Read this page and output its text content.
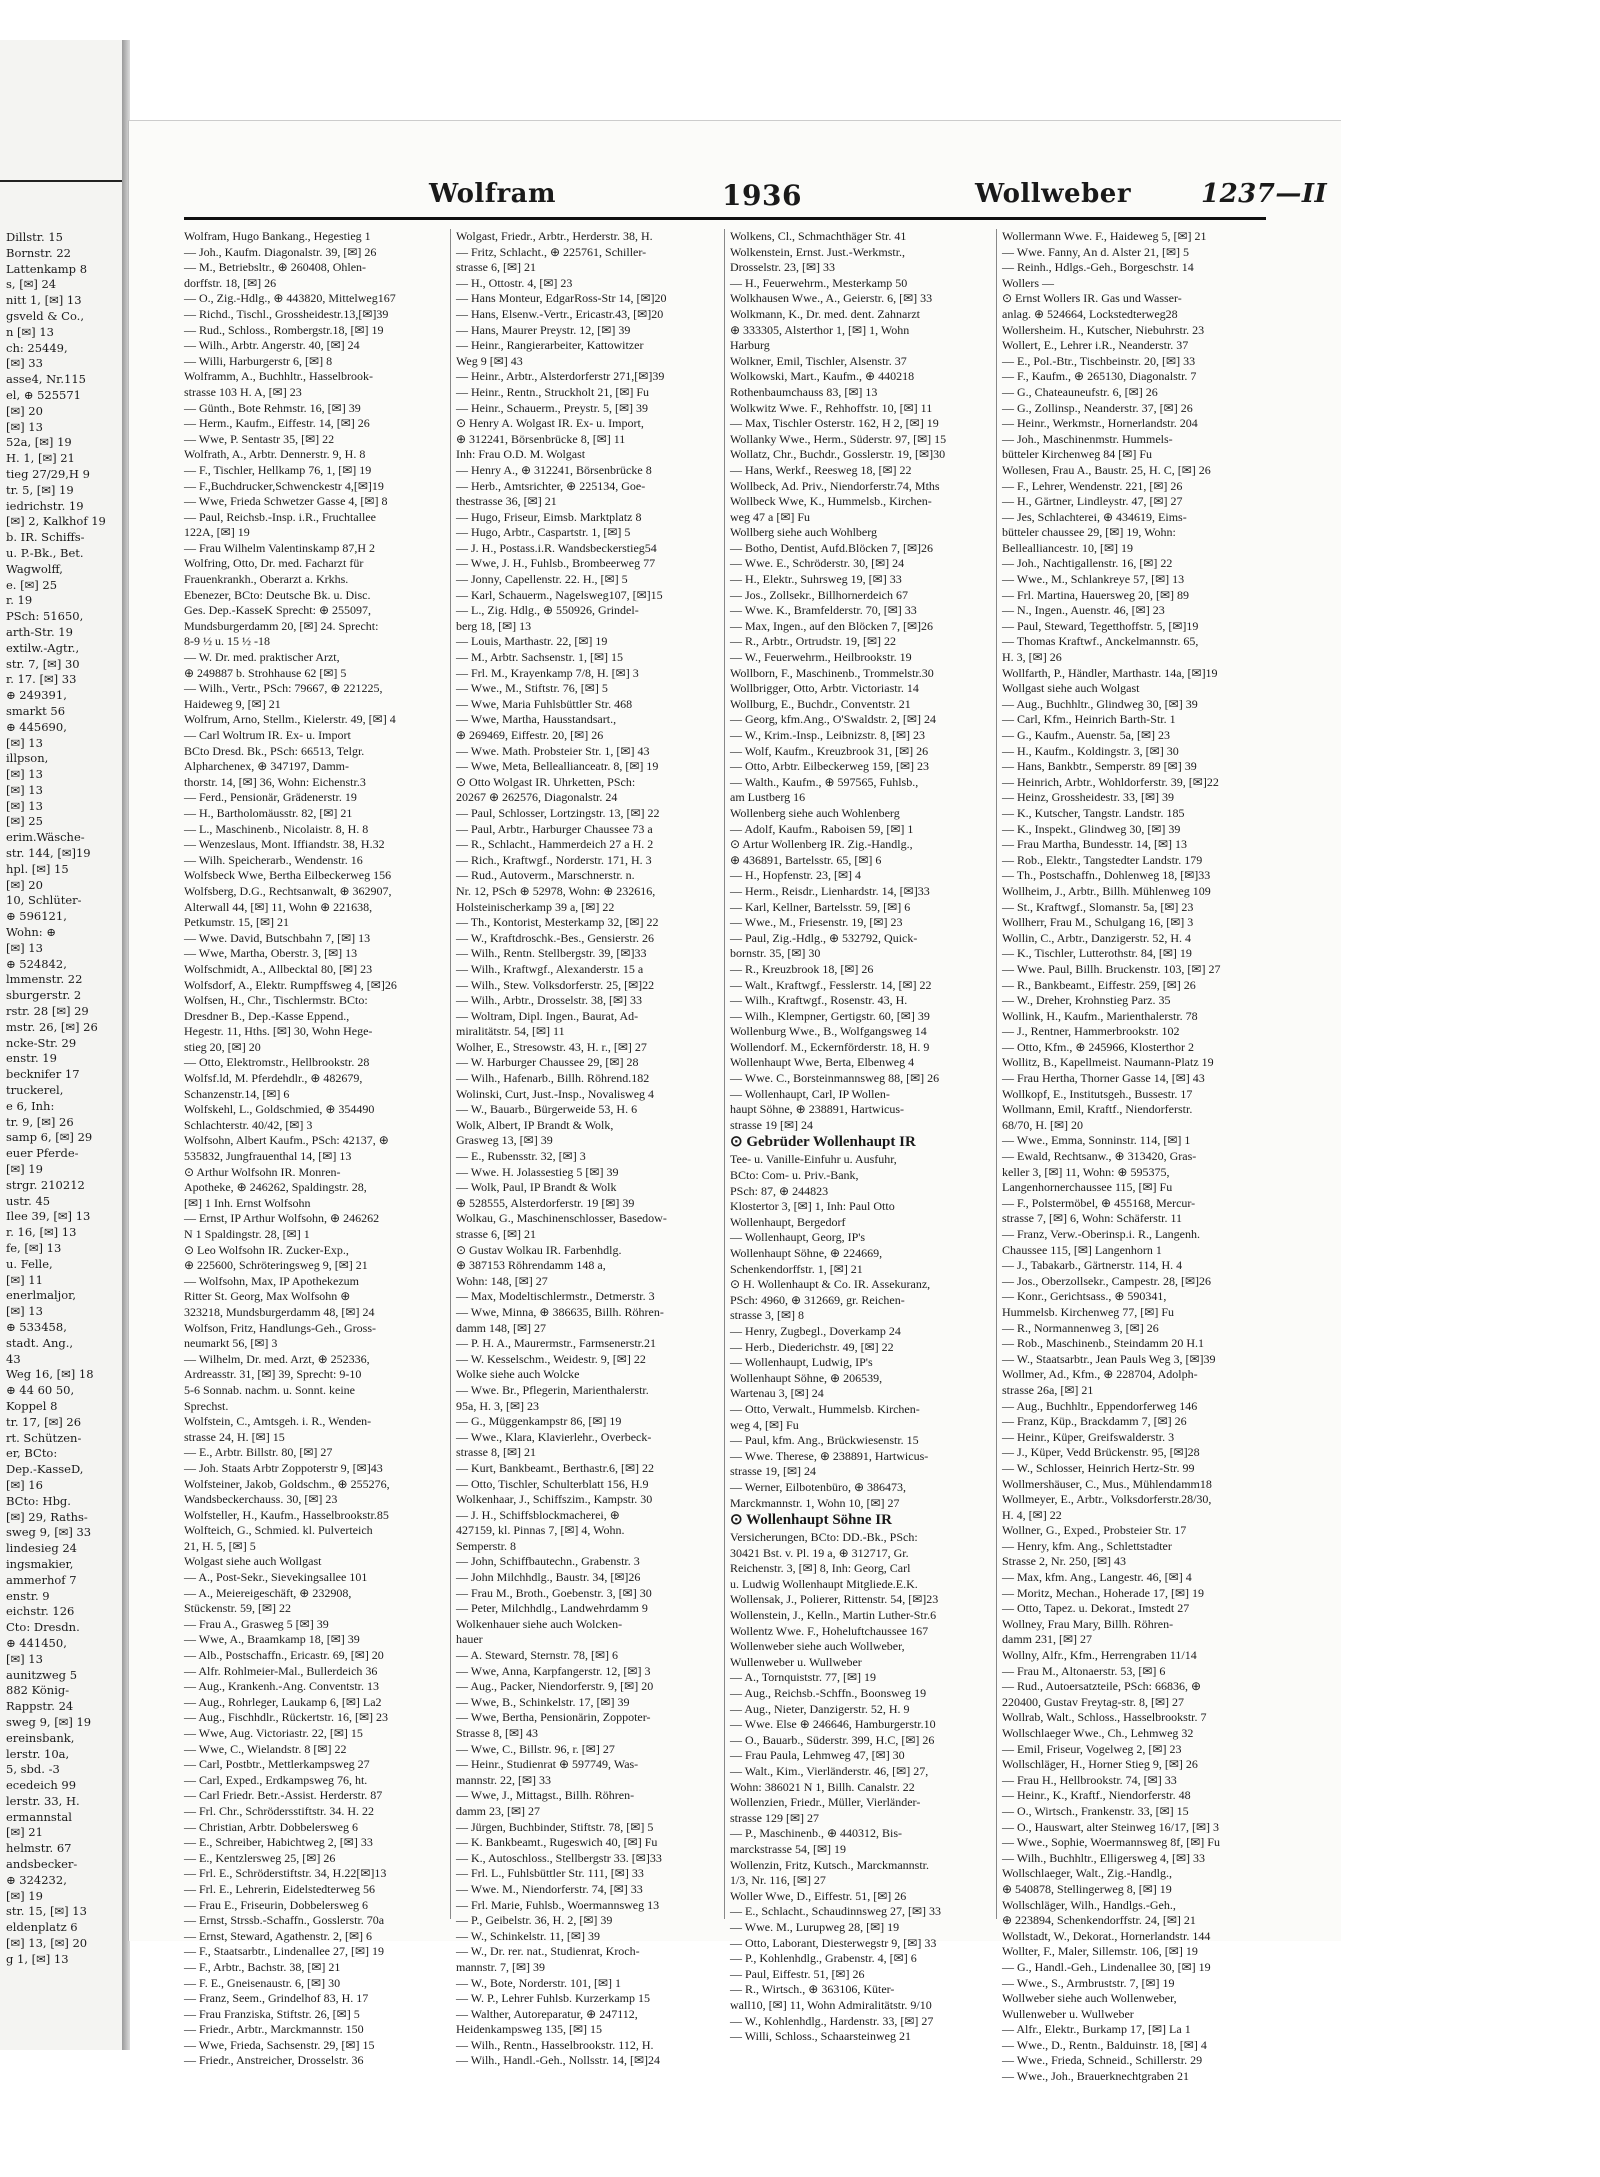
Dillstr. 15
Bornstr. 22
Lattenkamp 8
s, [✉] 24
nitt 1, [✉] 13
gsveld & Co.,
n [✉] 13
ch: 25449,
[✉] 33
asse4, Nr.115
el, ⊕ 525571
[✉] 20
[✉] 13
52a, [✉] 19
H. 1, [✉] 21
tieg 27/29,H 9
tr. 5, [✉] 19
iedrichstr. 19
[✉] 2, Kalkhof 19
b. IR. Schiffs-
u. P.-Bk., Bet.
Wagwolff,
e. [✉] 25
r. 19
PSch: 51650,
arth-Str. 19
extilw.-Agtr.,
str. 7, [✉] 30
r. 17. [✉] 33
⊕ 249391,
smarkt 56
⊕ 445690,
[✉] 13
illpson,
[✉] 13
[✉] 13
[✉] 13
[✉] 25
erim.Wäsche-
str. 144, [✉]19
hpl. [✉] 15
[✉] 20
10, Schlüter-
⊕ 596121,
Wohn: ⊕
[✉] 13
⊕ 524842,
lmmenstr. 22
sburgerstr. 2
rstr. 28 [✉] 29
mstr. 26, [✉] 26
ncke-Str. 29
enstr. 19
becknifer 17
truckerel,
e 6, Inh:
tr. 9, [✉] 26
samp 6, [✉] 29
euer Pferde-
[✉] 19
strgr. 210212
ustr. 45
Ilee 39, [✉] 13
r. 16, [✉] 13
fe, [✉] 13
u. Felle,
[✉] 11
enerlmaljor,
[✉] 13
⊕ 533458,
stadt. Ang.,
43
Weg 16, [✉] 18
⊕ 44 60 50,
Koppel 8
tr. 17, [✉] 26
rt. Schützen-
er, BCto:
Dep.-KasseD,
[✉] 16
BCto: Hbg.
[✉] 29, Raths-
sweg 9, [✉] 33
lindesieg 24
ingsmakier,
ammerhof 7
enstr. 9
eichstr. 126
Cto: Dresdn.
⊕ 441450,
[✉] 13
aunitzweg 5
882 König-
Rappstr. 24
sweg 9, [✉] 19
ereinsbank,
lerstr. 10a,
5, sbd. -3
ecedeich 99
lerstr. 33, H.
ermannstal
[✉] 21
helmstr. 67
andsbecker-
⊕ 324232,
[✉] 19
str. 15, [✉] 13
eldenplatz 6
[✉] 13, [✉] 20
g 1, [✉] 13
Wolfram	1936	Wollweber	1237—II
Wolfram, Hugo Bankang., Hegestieg 1
— Joh., Kaufm. Diagonalstr. 39, [✉] 26
— M., Betriebsltr., ⊕ 260408, Ohlen-
dorffstr. 18, [✉] 26
— O., Zig.-Hdlg., ⊕ 443820, Mittelweg167
— Richd., Tischl., Grossheidestr.13,[✉]39
— Rud., Schloss., Rombergstr.18, [✉] 19
— Wilh., Arbtr. Angerstr. 40, [✉] 24
— Willi, Harburgerstr 6, [✉] 8
Wolframm, A., Buchhltr., Hasselbrook-
strasse 103 H. A, [✉] 23
— Günth., Bote Rehmstr. 16, [✉] 39
— Herm., Kaufm., Eiffestr. 14, [✉] 26
— Wwe, P. Sentastr 35, [✉] 22
Wolfrath, A., Arbtr. Dennerstr. 9, H. 8
— F., Tischler, Hellkamp 76, 1, [✉] 19
— F.,Buchdrucker,Schwenckestr 4,[✉]19
— Wwe, Frieda Schwetzer Gasse 4, [✉] 8
— Paul, Reichsb.-Insp. i.R., Fruchtallee
122A, [✉] 19
— Frau Wilhelm Valentinskamp 87,H 2
Wolfring, Otto, Dr. med. Facharzt für
Frauenkrankh., Oberarzt a. Krkhs.
Ebenezer, BCto: Deutsche Bk. u. Disc.
Ges. Dep.-KasseK Sprecht: ⊕ 255097,
Mundsburgerdamm 20, [✉] 24. Sprecht:
8-9 ½ u. 15 ½ -18
— W. Dr. med. praktischer Arzt,
⊕ 249887 b. Strohhause 62 [✉] 5
— Wilh., Vertr., PSch: 79667, ⊕ 221225,
Haideweg 9, [✉] 21
Wolfrum, Arno, Stellm., Kielerstr. 49, [✉] 4
— Carl Woltrum IR. Ex- u. Import
BCto Dresd. Bk., PSch: 66513, Telgr.
Alpharchenex, ⊕ 347197, Damm-
thorstr. 14, [✉] 36, Wohn: Eichenstr.3
— Ferd., Pensionär, Grädenerstr. 19
— H., Bartholomäusstr. 82, [✉] 21
— L., Maschinenb., Nicolaistr. 8, H. 8
— Wenzeslaus, Mont. Iffiandstr. 38, H.32
— Wilh. Speicherarb., Wendenstr. 16
Wolfsbeck Wwe, Bertha Eilbeckerweg 156
Wolfsberg, D.G., Rechtsanwalt, ⊕ 362907,
Alterwall 44, [✉] 11, Wohn ⊕ 221638,
Petkumstr. 15, [✉] 21
— Wwe. David, Butschbahn 7, [✉] 13
— Wwe, Martha, Oberstr. 3, [✉] 13
Wolfschmidt, A., Allbecktal 80, [✉] 23
Wolfsdorf, A., Elektr. Rumpffsweg 4, [✉]26
Wolfsen, H., Chr., Tischlermstr. BCto:
Dresdner B., Dep.-Kasse Eppend.,
Hegestr. 11, Hths. [✉] 30, Wohn Hege-
stieg 20, [✉] 20
— Otto, Elektromstr., Hellbrookstr. 28
Wolfsf.ld, M. Pferdehdlr., ⊕ 482679,
Schanzenstr.14, [✉] 6
Wolfskehl, L., Goldschmied, ⊕ 354490
Schlachterstr. 40/42, [✉] 3
Wolfsohn, Albert Kaufm., PSch: 42137, ⊕
535832, Jungfrauenthal 14, [✉] 13
⊙ Arthur Wolfsohn IR. Monren-
Apotheke, ⊕ 246262, Spaldingstr. 28,
[✉] 1 Inh. Ernst Wolfsohn
— Ernst, IP Arthur Wolfsohn, ⊕ 246262
N 1 Spaldingstr. 28, [✉] 1
⊙ Leo Wolfsohn IR. Zucker-Exp.,
⊕ 225600, Schröteringsweg 9, [✉] 21
— Wolfsohn, Max, IP Apothekezum
Ritter St. Georg, Max Wolfsohn ⊕
323218, Mundsburgerdamm 48, [✉] 24
Wolfson, Fritz, Handlungs-Geh., Gross-
neumarkt 56, [✉] 3
— Wilhelm, Dr. med. Arzt, ⊕ 252336,
Ardreasstr. 31, [✉] 39, Sprecht: 9-10
5-6 Sonnab. nachm. u. Sonnt. keine
Sprechst.
Wolfstein, C., Amtsgeh. i. R., Wenden-
strasse 24, H. [✉] 15
— E., Arbtr. Billstr. 80, [✉] 27
— Joh. Staats Arbtr Zoppoterstr 9, [✉]43
Wolfsteiner, Jakob, Goldschm., ⊕ 255276,
Wandsbeckerchauss. 30, [✉] 23
Wolfsteller, H., Kaufm., Hasselbrookstr.85
Wolfteich, G., Schmied. kl. Pulverteich
21, H. 5, [✉] 5
Wolgast siehe auch Wollgast
— A., Post-Sekr., Sievekingsallee 101
— A., Meiereigeschäft, ⊕ 232908,
Stückenstr. 59, [✉] 22
— Frau A., Grasweg 5 [✉] 39
— Wwe, A., Braamkamp 18, [✉] 39
— Alb., Postschaffn., Ericastr. 69, [✉] 20
— Alfr. Rohlmeier-Mal., Bullerdeich 36
— Aug., Krankenh.-Ang. Conventstr. 13
— Aug., Rohrleger, Laukamp 6, [✉] La2
— Aug., Fischhdlr., Rückertstr. 16, [✉] 23
— Wwe, Aug. Victoriastr. 22, [✉] 15
— Wwe, C., Wielandstr. 8 [✉] 22
— Carl, Postbtr., Mettlerkampsweg 27
— Carl, Exped., Erdkampsweg 76, ht.
— Carl Friedr. Betr.-Assist. Herderstr. 87
— Frl. Chr., Schrödersstiftstr. 34. H. 22
— Christian, Arbtr. Dobbelersweg 6
— E., Schreiber, Habichtweg 2, [✉] 33
— E., Kentzlersweg 25, [✉] 26
— Frl. E., Schröderstiftstr. 34, H.22[✉]13
— Frl. E., Lehrerin, Eidelstedterweg 56
— Frau E., Friseurin, Dobbelersweg 6
— Ernst, Strssb.-Schaffn., Gosslerstr. 70a
— Ernst, Steward, Agathenstr. 2, [✉] 6
— F., Staatsarbtr., Lindenallee 27, [✉] 19
— F., Arbtr., Bachstr. 38, [✉] 21
— F. E., Gneisenaustr. 6, [✉] 30
— Franz, Seem., Grindelhof 83, H. 17
— Frau Franziska, Stiftstr. 26, [✉] 5
— Friedr., Arbtr., Marckmannstr. 150
— Wwe, Frieda, Sachsenstr. 29, [✉] 15
— Friedr., Anstreicher, Drosselstr. 36
Wolgast, Friedr., Arbtr., Herderstr. 38, H.
— Fritz, Schlacht., ⊕ 225761, Schiller-
strasse 6, [✉] 21
— H., Ottostr. 4, [✉] 23
— Hans Monteur, EdgarRoss-Str 14, [✉]20
— Hans, Elsenw.-Vertr., Ericastr.43, [✉]20
— Hans, Maurer Preystr. 12, [✉] 39
— Heinr., Rangierarbeiter, Kattowitzer
Weg 9 [✉] 43
— Heinr., Arbtr., Alsterdorferstr 271,[✉]39
— Heinr., Rentn., Struckholt 21, [✉] Fu
— Heinr., Schauerm., Preystr. 5, [✉] 39
⊙ Henry A. Wolgast IR. Ex- u. Import,
⊕ 312241, Börsenbrücke 8, [✉] 11
Inh: Frau O.D. M. Wolgast
— Henry A., ⊕ 312241, Börsenbrücke 8
— Herb., Amtsrichter, ⊕ 225134, Goe-
thestrasse 36, [✉] 21
— Hugo, Friseur, Eimsb. Marktplatz 8
— Hugo, Arbtr., Caspartstr. 1, [✉] 5
— J. H., Postass.i.R. Wandsbeckerstieg54
— Wwe, J. H., Fuhlsb., Brombeerweg 77
— Jonny, Capellenstr. 22. H., [✉] 5
— Karl, Schauerm., Nagelsweg107, [✉]15
— L., Zig. Hdlg., ⊕ 550926, Grindel-
berg 18, [✉] 13
— Louis, Marthastr. 22, [✉] 19
— M., Arbtr. Sachsenstr. 1, [✉] 15
— Frl. M., Krayenkamp 7/8, H. [✉] 3
— Wwe., M., Stiftstr. 76, [✉] 5
— Wwe, Maria Fuhlsbüttler Str. 468
— Wwe, Martha, Hausstandsart.,
⊕ 269469, Eiffestr. 20, [✉] 26
— Wwe. Math. Probsteier Str. 1, [✉] 43
— Wwe, Meta, Belleallianceatr. 8, [✉] 19
⊙ Otto Wolgast IR. Uhrketten, PSch:
20267 ⊕ 262576, Diagonalstr. 24
— Paul, Schlosser, Lortzingstr. 13, [✉] 22
— Paul, Arbtr., Harburger Chaussee 73 a
— R., Schlacht., Hammerdeich 27 a H. 2
— Rich., Kraftwgf., Norderstr. 171, H. 3
— Rud., Autoverm., Marschnerstr. n.
Nr. 12, PSch ⊕ 52978, Wohn: ⊕ 232616,
Holsteinischerkamp 39 a, [✉] 22
— Th., Kontorist, Mesterkamp 32, [✉] 22
— W., Kraftdroschk.-Bes., Gensierstr. 26
— Wilh., Rentn. Stellbergstr. 39, [✉]33
— Wilh., Kraftwgf., Alexanderstr. 15 a
— Wilh., Stew. Volksdorferstr. 25, [✉]22
— Wilh., Arbtr., Drosselstr. 38, [✉] 33
— Woltram, Dipl. Ingen., Baurat, Ad-
miralitätstr. 54, [✉] 11
Wolher, E., Stresowstr. 43, H. r., [✉] 27
— W. Harburger Chaussee 29, [✉] 28
— Wilh., Hafenarb., Billh. Röhrend.182
Wolinski, Curt, Just.-Insp., Novalisweg 4
— W., Bauarb., Bürgerweide 53, H. 6
Wolk, Albert, IP Brandt & Wolk,
Grasweg 13, [✉] 39
— E., Rubensstr. 32, [✉] 3
— Wwe. H. Jolassestieg 5 [✉] 39
— Wolk, Paul, IP Brandt & Wolk
⊕ 528555, Alsterdorferstr. 19 [✉] 39
Wolkau, G., Maschinenschlosser, Basedow-
strasse 6, [✉] 21
⊙ Gustav Wolkau IR. Farbenhdlg.
⊕ 387153 Röhrendamm 148 a,
Wohn: 148, [✉] 27
— Max, Modeltischlermstr., Detmerstr. 3
— Wwe, Minna, ⊕ 386635, Billh. Röhren-
damm 148, [✉] 27
— P. H. A., Maurermstr., Farmsenerstr.21
— W. Kesselschm., Weidestr. 9, [✉] 22
Wolke siehe auch Wolcke
— Wwe. Br., Pflegerin, Marienthalerstr.
95a, H. 3, [✉] 23
— G., Müggenkampstr 86, [✉] 19
— Wwe., Klara, Klavierlehr., Overbeck-
strasse 8, [✉] 21
— Kurt, Bankbeamt., Berthastr.6, [✉] 22
— Otto, Tischler, Schulterblatt 156, H.9
Wolkenhaar, J., Schiffszim., Kampstr. 30
— J. H., Schiffsblockmacherei, ⊕
427159, kl. Pinnas 7, [✉] 4, Wohn.
Semperstr. 8
— John, Schiffbautechn., Grabenstr. 3
— John Milchhdlg., Baustr. 34, [✉]26
— Frau M., Broth., Goebenstr. 3, [✉] 30
— Peter, Milchhdlg., Landwehrdamm 9
Wolkenhauer siehe auch Wolcken-
hauer
— A. Steward, Sternstr. 78, [✉] 6
— Wwe, Anna, Karpfangerstr. 12, [✉] 3
— Aug., Packer, Niendorferstr. 9, [✉] 20
— Wwe, B., Schinkelstr. 17, [✉] 39
— Wwe, Bertha, Pensionärin, Zoppoter-
Strasse 8, [✉] 43
— Wwe, C., Billstr. 96, r. [✉] 27
— Heinr., Studienrat ⊕ 597749, Was-
mannstr. 22, [✉] 33
— Wwe, J., Mittagst., Billh. Röhren-
damm 23, [✉] 27
— Jürgen, Buchbinder, Stiftstr. 78, [✉] 5
— K. Bankbeamt., Rugeswich 40, [✉] Fu
— K., Autoschloss., Stellbergstr 33. [✉]33
— Frl. L., Fuhlsbüttler Str. 111, [✉] 33
— Wwe. M., Niendorferstr. 74, [✉] 33
— Frl. Marie, Fuhlsb., Woermannsweg 13
— P., Geibelstr. 36, H. 2, [✉] 39
— W., Schinkelstr. 11, [✉] 39
— W., Dr. rer. nat., Studienrat, Kroch-
mannstr. 7, [✉] 39
— W., Bote, Norderstr. 101, [✉] 1
— W. P., Lehrer Fuhlsb. Kurzerkamp 15
— Walther, Autoreparatur, ⊕ 247112,
Heidenkampsweg 135, [✉] 15
— Wilh., Rentn., Hasselbrookstr. 112, H.
— Wilh., Handl.-Geh., Nollsstr. 14, [✉]24
Wolkens, Cl., Schmachthäger Str. 41
Wolkenstein, Ernst. Just.-Werkmstr.,
Drosselstr. 23, [✉] 33
— H., Feuerwehrm., Mesterkamp 50
Wolkhausen Wwe., A., Geierstr. 6, [✉] 33
Wolkmann, K., Dr. med. dent. Zahnarzt
⊕ 333305, Alsterthor 1, [✉] 1, Wohn
Harburg
Wolkner, Emil, Tischler, Alsenstr. 37
Wolkowski, Mart., Kaufm., ⊕ 440218
Rothenbaumchauss 83, [✉] 13
Wolkwitz Wwe. F., Rehhoffstr. 10, [✉] 11
— Max, Tischler Osterstr. 162, H 2, [✉] 19
Wollanky Wwe., Herm., Süderstr. 97, [✉] 15
Wollatz, Chr., Buchdr., Gosslerstr. 19, [✉]30
— Hans, Werkf., Reesweg 18, [✉] 22
Wollbeck, Ad. Priv., Niendorferstr.74, Mths
Wollbeck Wwe, K., Hummelsb., Kirchen-
weg 47 a [✉] Fu
Wollberg siehe auch Wohlberg
— Botho, Dentist, Aufd.Blöcken 7, [✉]26
— Wwe. E., Schröderstr. 30, [✉] 24
— H., Elektr., Suhrsweg 19, [✉] 33
— Jos., Zollsekr., Billhornerdeich 67
— Wwe. K., Bramfelderstr. 70, [✉] 33
— Max, Ingen., auf den Blöcken 7, [✉]26
— R., Arbtr., Ortrudstr. 19, [✉] 22
— W., Feuerwehrm., Heilbrookstr. 19
Wollborn, F., Maschinenb., Trommelstr.30
Wollbrigger, Otto, Arbtr. Victoriastr. 14
Wollburg, E., Buchdr., Conventstr. 21
— Georg, kfm.Ang., O'Swaldstr. 2, [✉] 24
— W., Krim.-Insp., Leibnizstr. 8, [✉] 23
— Wolf, Kaufm., Kreuzbrook 31, [✉] 26
— Otto, Arbtr. Eilbeckerweg 159, [✉] 23
— Walth., Kaufm., ⊕ 597565, Fuhlsb.,
am Lustberg 16
Wollenberg siehe auch Wohlenberg
— Adolf, Kaufm., Raboisen 59, [✉] 1
⊙ Artur Wollenberg IR. Zig.-Handlg.,
⊕ 436891, Bartelsstr. 65, [✉] 6
— H., Hopfenstr. 23, [✉] 4
— Herm., Reisdr., Lienhardstr. 14, [✉]33
— Karl, Kellner, Bartelsstr. 59, [✉] 6
— Wwe., M., Friesenstr. 19, [✉] 23
— Paul, Zig.-Hdlg., ⊕ 532792, Quick-
bornstr. 35, [✉] 30
— R., Kreuzbrook 18, [✉] 26
— Walt., Kraftwgf., Fesslerstr. 14, [✉] 22
— Wilh., Kraftwgf., Rosenstr. 43, H.
— Wilh., Klempner, Gertigstr. 60, [✉] 39
Wollenburg Wwe., B., Wolfgangsweg 14
Wollendorf. M., Eckernförderstr. 18, H. 9
Wollenhaupt Wwe, Berta, Elbenweg 4
— Wwe. C., Borsteinmannsweg 88, [✉] 26
— Wollenhaupt, Carl, IP Wollen-
haupt Söhne, ⊕ 238891, Hartwicus-
strasse 19 [✉] 24
⊙ Gebrüder Wollenhaupt IR
Tee- u. Vanille-Einfuhr u. Ausfuhr,
BCto: Com- u. Priv.-Bank,
PSch: 87, ⊕ 244823
Klostertor 3, [✉] 1, Inh: Paul Otto
Wollenhaupt, Bergedorf
— Wollenhaupt, Georg, IP's
Wollenhaupt Söhne, ⊕ 224669,
Schenkendorffstr. 1, [✉] 21
⊙ H. Wollenhaupt & Co. IR. Assekuranz,
PSch: 4960, ⊕ 312669, gr. Reichen-
strasse 3, [✉] 8
— Henry, Zugbegl., Doverkamp 24
— Herb., Diederichstr. 49, [✉] 22
— Wollenhaupt, Ludwig, IP's
Wollenhaupt Söhne, ⊕ 206539,
Wartenau 3, [✉] 24
— Otto, Verwalt., Hummelsb. Kirchen-
weg 4, [✉] Fu
— Paul, kfm. Ang., Brückwiesenstr. 15
— Wwe. Therese, ⊕ 238891, Hartwicus-
strasse 19, [✉] 24
— Werner, Eilbotenbüro, ⊕ 386473,
Marckmannstr. 1, Wohn 10, [✉] 27
⊙ Wollenhaupt Söhne IR
Versicherungen, BCto: DD.-Bk., PSch:
30421 Bst. v. Pl. 19 a, ⊕ 312717, Gr.
Reichenstr. 3, [✉] 8, Inh: Georg, Carl
u. Ludwig Wollenhaupt Mitgliede.E.K.
Wollensak, J., Polierer, Rittenstr. 54, [✉]23
Wollenstein, J., Kelln., Martin Luther-Str.6
Wollentz Wwe. F., Hoheluftchaussee 167
Wollenweber siehe auch Wollweber,
Wullenweber u. Wullweber
— A., Tornquiststr. 77, [✉] 19
— Aug., Reichsb.-Schffn., Boonsweg 19
— Aug., Nieter, Danzigerstr. 52, H. 9
— Wwe. Else ⊕ 246646, Hamburgerstr.10
— O., Bauarb., Süderstr. 399, H.C, [✉] 26
— Frau Paula, Lehmweg 47, [✉] 30
— Walt., Kim., Vierländerstr. 46, [✉] 27,
Wohn: 386021 N 1, Billh. Canalstr. 22
Wollenzien, Friedr., Müller, Vierländer-
strasse 129 [✉] 27
— P., Maschinenb., ⊕ 440312, Bis-
marckstrasse 54, [✉] 19
Wollenzin, Fritz, Kutsch., Marckmannstr.
1/3, Nr. 116, [✉] 27
Woller Wwe, D., Eiffestr. 51, [✉] 26
— E., Schlacht., Schaudinnsweg 27, [✉] 33
— Wwe. M., Lurupweg 28, [✉] 19
— Otto, Laborant, Diesterwegstr 9, [✉] 33
— P., Kohlenhdlg., Grabenstr. 4, [✉] 6
— Paul, Eiffestr. 51, [✉] 26
— R., Wirtsch., ⊕ 363106, Küter-
wall10, [✉] 11, Wohn Admiralitätstr. 9/10
— W., Kohlenhdlg., Hardenstr. 33, [✉] 27
— Willi, Schloss., Schaarsteinweg 21
Wollermann Wwe. F., Haideweg 5, [✉] 21
— Wwe. Fanny, An d. Alster 21, [✉] 5
— Reinh., Hdlgs.-Geh., Borgeschstr. 14
Wollers —
⊙ Ernst Wollers IR. Gas und Wasser-
anlag. ⊕ 524664, Lockstedterweg28
Wollersheim. H., Kutscher, Niebuhrstr. 23
Wollert, E., Lehrer i.R., Neanderstr. 37
— E., Pol.-Btr., Tischbeinstr. 20, [✉] 33
— F., Kaufm., ⊕ 265130, Diagonalstr. 7
— G., Chateauneufstr. 6, [✉] 26
— G., Zollinsp., Neanderstr. 37, [✉] 26
— Heinr., Werkmstr., Hornerlandstr. 204
— Joh., Maschinenmstr. Hummels-
bütteler Kirchenweg 84 [✉] Fu
Wollesen, Frau A., Baustr. 25, H. C, [✉] 26
— F., Lehrer, Wendenstr. 221, [✉] 26
— H., Gärtner, Lindleystr. 47, [✉] 27
— Jes, Schlachterei, ⊕ 434619, Eims-
bütteler chaussee 29, [✉] 19, Wohn:
Bellealliancestr. 10, [✉] 19
— Joh., Nachtigallenstr. 16, [✉] 22
— Wwe., M., Schlankreye 57, [✉] 13
— Frl. Martina, Hauersweg 20, [✉] 89
— N., Ingen., Auenstr. 46, [✉] 23
— Paul, Steward, Tegetthoffstr. 5, [✉]19
— Thomas Kraftwf., Anckelmannstr. 65,
H. 3, [✉] 26
Wollfarth, P., Händler, Marthastr. 14a, [✉]19
Wollgast siehe auch Wolgast
— Aug., Buchhltr., Glindweg 30, [✉] 39
— Carl, Kfm., Heinrich Barth-Str. 1
— G., Kaufm., Auenstr. 5a, [✉] 23
— H., Kaufm., Koldingstr. 3, [✉] 30
— Hans, Bankbtr., Semperstr. 89 [✉] 39
— Heinrich, Arbtr., Wohldorferstr. 39, [✉]22
— Heinz, Grossheidestr. 33, [✉] 39
— K., Kutscher, Tangstr. Landstr. 185
— K., Inspekt., Glindweg 30, [✉] 39
— Frau Martha, Bundesstr. 14, [✉] 13
— Rob., Elektr., Tangstedter Landstr. 179
— Th., Postschaffn., Dohlenweg 18, [✉]33
Wollheim, J., Arbtr., Billh. Mühlenweg 109
— St., Kraftwgf., Slomanstr. 5a, [✉] 23
Wollherr, Frau M., Schulgang 16, [✉] 3
Wollin, C., Arbtr., Danzigerstr. 52, H. 4
— K., Tischler, Lutterothstr. 84, [✉] 19
— Wwe. Paul, Billh. Bruckenstr. 103, [✉] 27
— R., Bankbeamt., Eiffestr. 259, [✉] 26
— W., Dreher, Krohnstieg Parz. 35
Wollink, H., Kaufm., Marienthalerstr. 78
— J., Rentner, Hammerbrookstr. 102
— Otto, Kfm., ⊕ 245966, Klosterthor 2
Wollitz, B., Kapellmeist. Naumann-Platz 19
— Frau Hertha, Thorner Gasse 14, [✉] 43
Wollkopf, E., Institutsgeh., Bussestr. 17
Wollmann, Emil, Kraftf., Niendorferstr.
68/70, H. [✉] 20
— Wwe., Emma, Sonninstr. 114, [✉] 1
— Ewald, Rechtsanw., ⊕ 313420, Gras-
keller 3, [✉] 11, Wohn: ⊕ 595375,
Langenhornerchaussee 115, [✉] Fu
— F., Polstermöbel, ⊕ 455168, Mercur-
strasse 7, [✉] 6, Wohn: Schäferstr. 11
— Franz, Verw.-Oberinsp.i. R., Langenh.
Chaussee 115, [✉] Langenhorn 1
— J., Tabakarb., Gärtnerstr. 114, H. 4
— Jos., Oberzollsekr., Campestr. 28, [✉]26
— Konr., Gerichtsass., ⊕ 590341,
Hummelsb. Kirchenweg 77, [✉] Fu
— R., Normannenweg 3, [✉] 26
— Rob., Maschinenb., Steindamm 20 H.1
— W., Staatsarbtr., Jean Pauls Weg 3, [✉]39
Wollmer, Ad., Kfm., ⊕ 228704, Adolph-
strasse 26a, [✉] 21
— Aug., Buchhltr., Eppendorferweg 146
— Franz, Küp., Brackdamm 7, [✉] 26
— Heinr., Küper, Greifswalderstr. 3
— J., Küper, Vedd Brückenstr. 95, [✉]28
— W., Schlosser, Heinrich Hertz-Str. 99
Wollmershäuser, C., Mus., Mühlendamm18
Wollmeyer, E., Arbtr., Volksdorferstr.28/30,
H. 4, [✉] 22
Wollner, G., Exped., Probsteier Str. 17
— Henry, kfm. Ang., Schlettstadter
Strasse 2, Nr. 250, [✉] 43
— Max, kfm. Ang., Langestr. 46, [✉] 4
— Moritz, Mechan., Hoherade 17, [✉] 19
— Otto, Tapez. u. Dekorat., Imstedt 27
Wollney, Frau Mary, Billh. Röhren-
damm 231, [✉] 27
Wollny, Alfr., Kfm., Herrengraben 11/14
— Frau M., Altonaerstr. 53, [✉] 6
— Rud., Autoersatzteile, PSch: 66836, ⊕
220400, Gustav Freytag-str. 8, [✉] 27
Wollrab, Walt., Schloss., Hasselbrookstr. 7
Wollschlaeger Wwe., Ch., Lehmweg 32
— Emil, Friseur, Vogelweg 2, [✉] 23
Wollschläger, H., Horner Stieg 9, [✉] 26
— Frau H., Hellbrookstr. 74, [✉] 33
— Heinr., K., Kraftf., Niendorferstr. 48
— O., Wirtsch., Frankenstr. 33, [✉] 15
— O., Hauswart, alter Steinweg 16/17, [✉] 3
— Wwe., Sophie, Woermannsweg 8f, [✉] Fu
— Wilh., Buchhltr., Elligersweg 4, [✉] 33
Wollschlaeger, Walt., Zig.-Handlg.,
⊕ 540878, Stellingerweg 8, [✉] 19
Wollschläger, Wilh., Handlgs.-Geh.,
⊕ 223894, Schenkendorffstr. 24, [✉] 21
Wollstadt, W., Dekorat., Hornerlandstr. 144
Wollter, F., Maler, Sillemstr. 106, [✉] 19
— G., Handl.-Geh., Lindenallee 30, [✉] 19
— Wwe., S., Armbruststr. 7, [✉] 19
Wollweber siehe auch Wollenweber,
Wullenweber u. Wullweber
— Alfr., Elektr., Burkamp 17, [✉] La 1
— Wwe., D., Rentn., Balduinstr. 18, [✉] 4
— Wwe., Frieda, Schneid., Schillerstr. 29
— Wwe., Joh., Brauerknechtgraben 21
